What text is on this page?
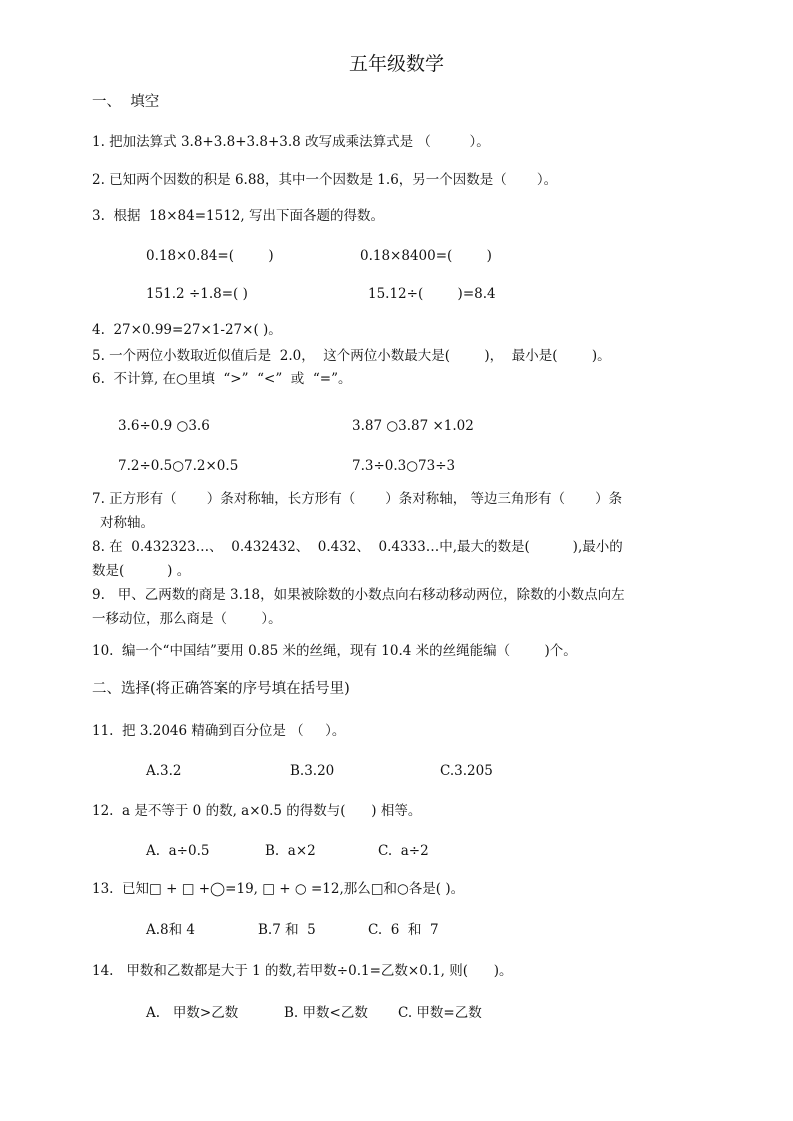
五年级数学
一、  填空
1. 把加法算式 3.8+3.8+3.8+3.8 改写成乘法算式是 （         ）。
2. 已知两个因数的积是 6.88，其中一个因数是 1.6，另一个因数是（       ）。
3.  根据  18×84=1512, 写出下面各题的得数。
0.18×0.84=(        )	0.18×8400=(        )
151.2 ÷1.8=( )	15.12÷(        )=8.4
4.  27×0.99=27×1-27×( )。
5. 一个两位小数取近似值后是  2.0，  这个两位小数最大是(        )，  最小是(        )。
6.  不计算, 在○里填  “>”  “<”  或  “=”。
3.6÷0.9 ○3.6	3.87 ○3.87 ×1.02
7.2÷0.5○7.2×0.5	7.3÷0.3○73÷3
7. 正方形有（       ）条对称轴，长方形有（       ）条对称轴， 等边三角形有（       ）条
对称轴。
8. 在  0.432323…、  0.432432、  0.432、  0.4333…中,最大的数是(          ),最小的
数是(          ) 。
9.   甲、乙两数的商是 3.18，如果被除数的小数点向右移动移动两位，除数的小数点向左
一移动位，那么商是（        ）。
10.  编一个“中国结”要用 0.85 米的丝绳，现有 10.4 米的丝绳能编（        )个。
二、选择(将正确答案的序号填在括号里)
11.  把 3.2046 精确到百分位是 （     ）。
A.3.2	B.3.20	C.3.205
12.  a 是不等于 0 的数, a×0.5 的得数与(      ) 相等。
A.  a÷0.5	B.  a×2	C.  a÷2
13.  已知□ + □ +◯=19, □ + ○ =12,那么□和○各是( )。
A.8和 4	B.7 和  5	C.  6  和  7
14.   甲数和乙数都是大于 1 的数,若甲数÷0.1=乙数×0.1, 则(      )。
A.   甲数>乙数	B. 甲数<乙数 C. 甲数=乙数
